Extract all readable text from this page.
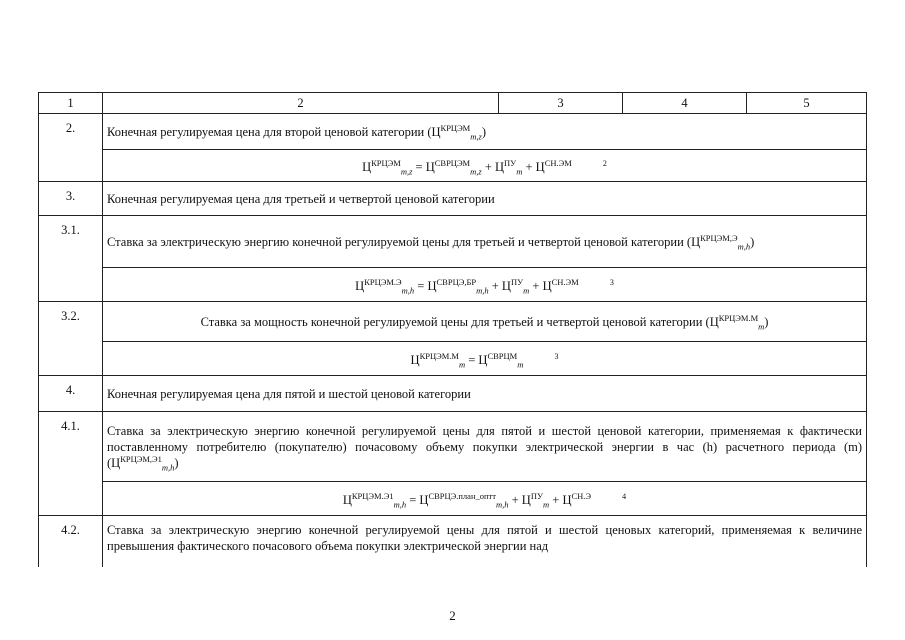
1	2	3	4	5
2.	Конечная регулируемая цена для второй ценовой категории $(Ц^{КРЦЭМ}_{m,z})$			
	$Ц^{КРЦЭМ}_{m,z} = Ц^{СВРЦЭМ}_{m,z} + Ц^{ПУ}_m + Ц^{СН.ЭМ}$ $^2$
3.	Конечная регулируемая цена для третьей и четвертой ценовой категории			
3.1.	Ставка за электрическую энергию конечной регулируемой цены для третьей и четвертой ценовой категории $(Ц^{КРЦЭМ,Э}_{m,h})$			
	$Ц^{КРЦЭМ.Э}_{m,h} = Ц^{СВРЦЭ,БР}_{m,h} + Ц^{ПУ}_m + Ц^{СН.ЭМ}$ $^3$
3.2.	Ставка за мощность конечной регулируемой цены для третьей и четвертой ценовой категории $(Ц^{КРЦЭМ.М}_m)$			
	$Ц^{КРЦЭМ.М}_m = Ц^{СВРЦМ}_m$ $^3$
4.	Конечная регулируемая цена для пятой и шестой ценовой категории			
4.1.	Ставка за электрическую энергию конечной регулируемой цены для пятой и шестой ценовой категории, применяемая к фактически поставленному потребителю (покупателю) почасовому объему покупки электрической энергии в час (h) расчетного периода (m) $(Ц^{КРЦЭМ,Э1}_{m,h})$			
	$Ц^{КРЦЭМ.Э1}_{m,h} = Ц^{СВРЦЭ.план\_оптт}_{m,h} + Ц^{ПУ}_m + Ц^{СН.Э}$ $^4$
4.2.	Ставка за электрическую энергию конечной регулируемой цены для пятой и шестой ценовых категорий, применяемая к величине превышения фактического почасового объема покупки электрической энергии над			
2
